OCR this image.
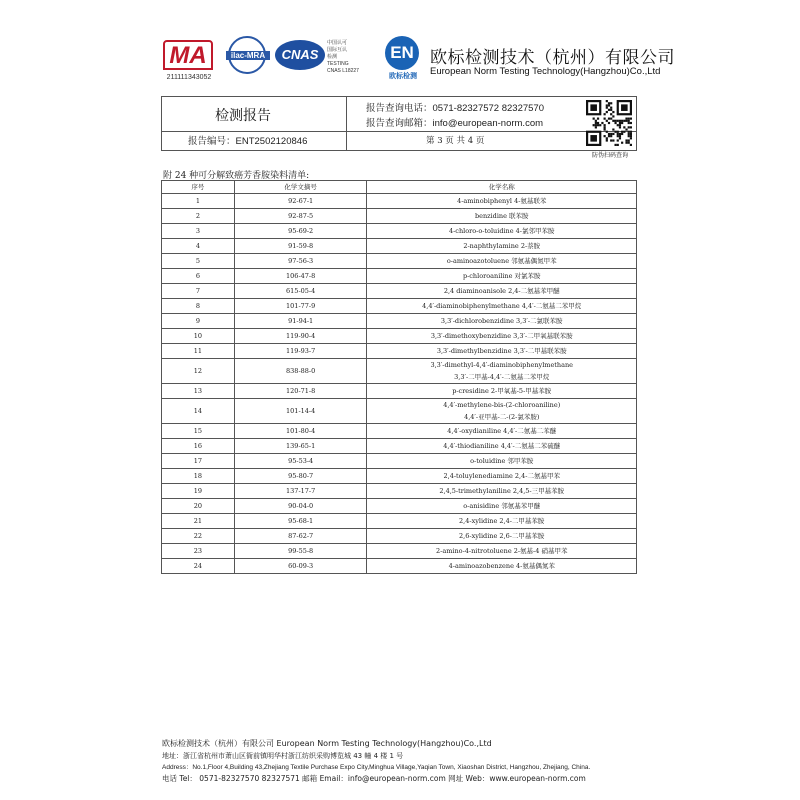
MA
211111343052
ilac-MRA	CNAS
中国认可
国际互认
检测
TESTING
CNAS L18227
EN
欧标检测
欧标检测技术（杭州）有限公司
European Norm Testing Technology(Hangzhou)Co.,Ltd
检测报告	报告查询电话：0571-82327572 82327570
报告查询邮箱：info@european-norm.com
报告编号：ENT2502120846	第 3 页 共 4 页
防伪扫码查询
附 24 种可分解致癌芳香胺染料清单:
序号	化学文摘号	化学名称
1	92-67-1	4-aminobiphenyl 4-氨基联苯

2	92-87-5	benzidine 联苯胺

3	95-69-2	4-chloro-o-toluidine 4-氯邻甲苯胺

4	91-59-8	2-naphthylamine 2-萘胺

5	97-56-3	o-aminoazotoluene 邻氨基偶氮甲苯

6	106-47-8	p-chloroaniline 对氯苯胺

7	615-05-4	2,4 diaminoanisole 2,4-二氨基苯甲醚

8	101-77-9	4,4′-diaminobiphenylmethane 4,4′-二氨基二苯甲烷

9	91-94-1	3,3′-dichlorobenzidine 3,3′-二氯联苯胺

10	119-90-4	3,3′-dimethoxybenzidine 3,3′-二甲氧基联苯胺

11	119-93-7	3,3′-dimethylbenzidine 3,3′-二甲基联苯胺

12	838-88-0	3,3′-dimethyl-4,4′-diaminobiphenylmethane
3,3′-二甲基-4,4′-二氨基二苯甲烷

13	120-71-8	p-cresidine 2-甲氧基-5-甲基苯胺

14	101-14-4	4,4′-methylene-bis-(2-chloroaniline)
4,4′-亚甲基-二-(2-氯苯胺)

15	101-80-4	4,4′-oxydianiline 4,4′-二氨基二苯醚

16	139-65-1	4,4′-thiodianiline 4,4′-二氨基二苯硫醚

17	95-53-4	o-toluidine 邻甲苯胺

18	95-80-7	2,4-toluylenediamine 2,4-二氨基甲苯

19	137-17-7	2,4,5-trimethylaniline 2,4,5-三甲基苯胺

20	90-04-0	o-anisidine 邻氨基苯甲醚

21	95-68-1	2,4-xylidine 2,4-二甲基苯胺

22	87-62-7	2,6-xylidine 2,6-二甲基苯胺

23	99-55-8	2-amino-4-nitrotoluene 2-氨基-4 硝基甲苯

24	60-09-3	4-aminoazobenzene 4-氨基偶氮苯
欧标检测技术（杭州）有限公司 European Norm Testing Technology(Hangzhou)Co.,Ltd
地址：浙江省杭州市萧山区衙前镇明华村浙江纺织采购博览城 43 幢 4 楼 1 号
Address：No.1,Floor 4,Building 43,Zhejiang Textile Purchase Expo City,Minghua Village,Yaqian Town, Xiaoshan District, Hangzhou, Zhejiang, China.
电话 Tel： 0571-82327570 82327571 邮箱 Email：info@european-norm.com 网址 Web：www.european-norm.com
